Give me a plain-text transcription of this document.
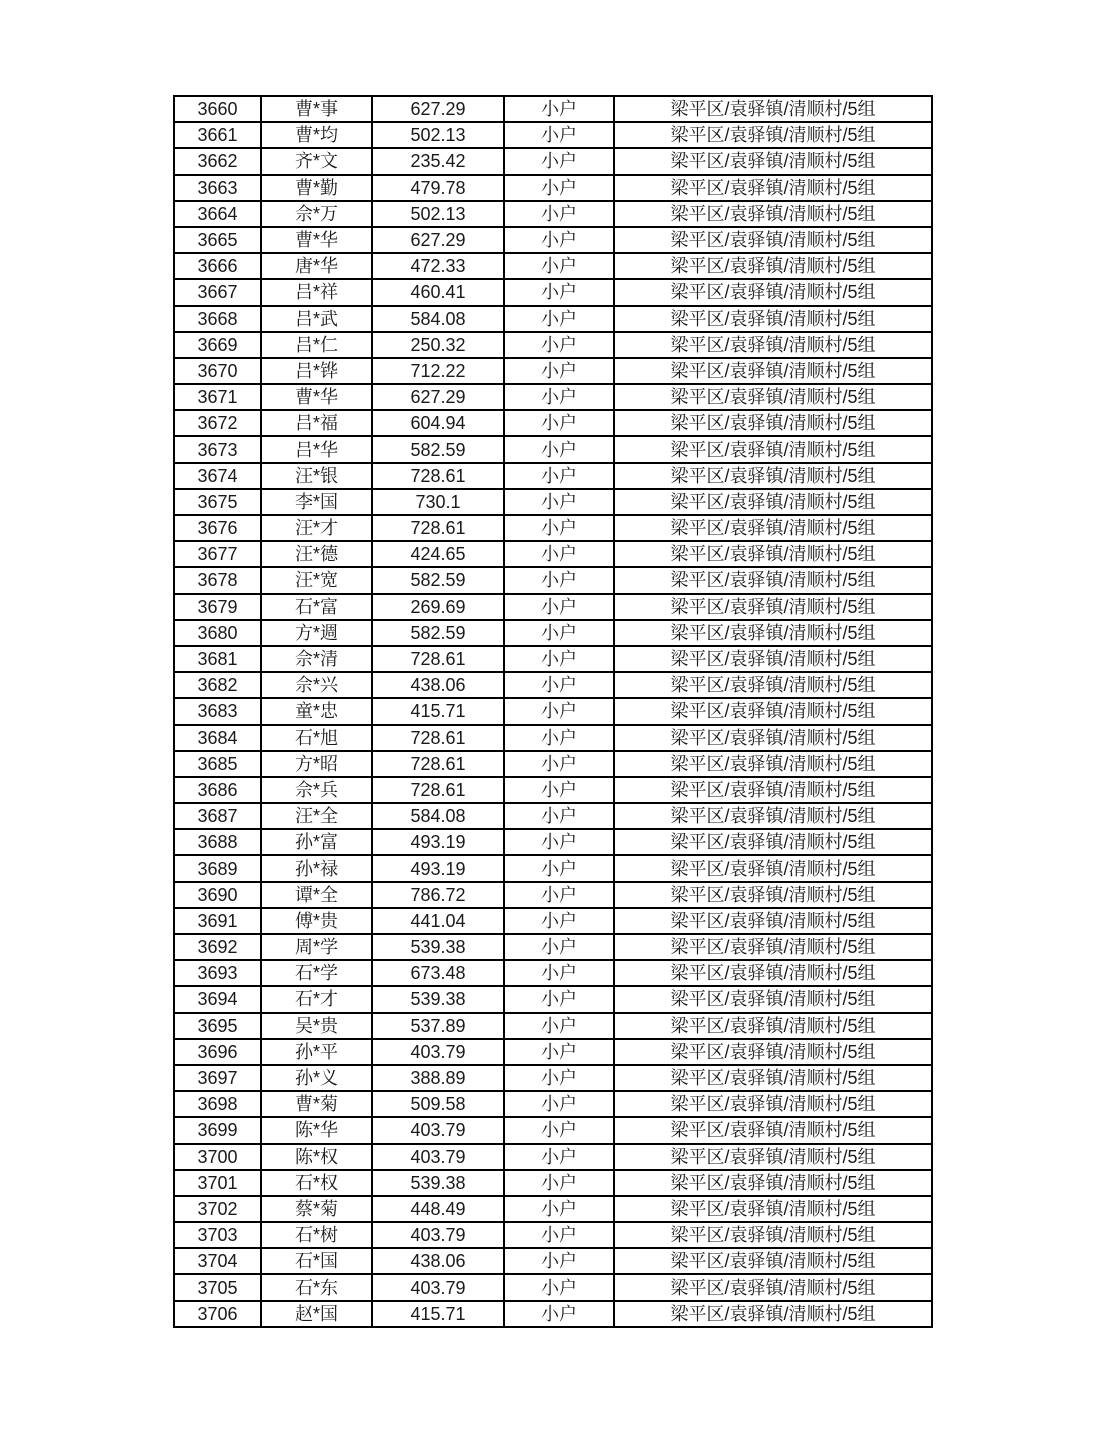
3660	曹*事	627.29	小户	梁平区/袁驿镇/清顺村/5组
3661	曹*均	502.13	小户	梁平区/袁驿镇/清顺村/5组
3662	齐*文	235.42	小户	梁平区/袁驿镇/清顺村/5组
3663	曹*勤	479.78	小户	梁平区/袁驿镇/清顺村/5组
3664	佘*万	502.13	小户	梁平区/袁驿镇/清顺村/5组
3665	曹*华	627.29	小户	梁平区/袁驿镇/清顺村/5组
3666	唐*华	472.33	小户	梁平区/袁驿镇/清顺村/5组
3667	吕*祥	460.41	小户	梁平区/袁驿镇/清顺村/5组
3668	吕*武	584.08	小户	梁平区/袁驿镇/清顺村/5组
3669	吕*仁	250.32	小户	梁平区/袁驿镇/清顺村/5组
3670	吕*铧	712.22	小户	梁平区/袁驿镇/清顺村/5组
3671	曹*华	627.29	小户	梁平区/袁驿镇/清顺村/5组
3672	吕*福	604.94	小户	梁平区/袁驿镇/清顺村/5组
3673	吕*华	582.59	小户	梁平区/袁驿镇/清顺村/5组
3674	汪*银	728.61	小户	梁平区/袁驿镇/清顺村/5组
3675	李*国	730.1	小户	梁平区/袁驿镇/清顺村/5组
3676	汪*才	728.61	小户	梁平区/袁驿镇/清顺村/5组
3677	汪*德	424.65	小户	梁平区/袁驿镇/清顺村/5组
3678	汪*宽	582.59	小户	梁平区/袁驿镇/清顺村/5组
3679	石*富	269.69	小户	梁平区/袁驿镇/清顺村/5组
3680	方*週	582.59	小户	梁平区/袁驿镇/清顺村/5组
3681	佘*清	728.61	小户	梁平区/袁驿镇/清顺村/5组
3682	佘*兴	438.06	小户	梁平区/袁驿镇/清顺村/5组
3683	童*忠	415.71	小户	梁平区/袁驿镇/清顺村/5组
3684	石*旭	728.61	小户	梁平区/袁驿镇/清顺村/5组
3685	方*昭	728.61	小户	梁平区/袁驿镇/清顺村/5组
3686	佘*兵	728.61	小户	梁平区/袁驿镇/清顺村/5组
3687	汪*全	584.08	小户	梁平区/袁驿镇/清顺村/5组
3688	孙*富	493.19	小户	梁平区/袁驿镇/清顺村/5组
3689	孙*禄	493.19	小户	梁平区/袁驿镇/清顺村/5组
3690	谭*全	786.72	小户	梁平区/袁驿镇/清顺村/5组
3691	傅*贵	441.04	小户	梁平区/袁驿镇/清顺村/5组
3692	周*学	539.38	小户	梁平区/袁驿镇/清顺村/5组
3693	石*学	673.48	小户	梁平区/袁驿镇/清顺村/5组
3694	石*才	539.38	小户	梁平区/袁驿镇/清顺村/5组
3695	吴*贵	537.89	小户	梁平区/袁驿镇/清顺村/5组
3696	孙*平	403.79	小户	梁平区/袁驿镇/清顺村/5组
3697	孙*义	388.89	小户	梁平区/袁驿镇/清顺村/5组
3698	曹*菊	509.58	小户	梁平区/袁驿镇/清顺村/5组
3699	陈*华	403.79	小户	梁平区/袁驿镇/清顺村/5组
3700	陈*权	403.79	小户	梁平区/袁驿镇/清顺村/5组
3701	石*权	539.38	小户	梁平区/袁驿镇/清顺村/5组
3702	蔡*菊	448.49	小户	梁平区/袁驿镇/清顺村/5组
3703	石*树	403.79	小户	梁平区/袁驿镇/清顺村/5组
3704	石*国	438.06	小户	梁平区/袁驿镇/清顺村/5组
3705	石*东	403.79	小户	梁平区/袁驿镇/清顺村/5组
3706	赵*国	415.71	小户	梁平区/袁驿镇/清顺村/5组
